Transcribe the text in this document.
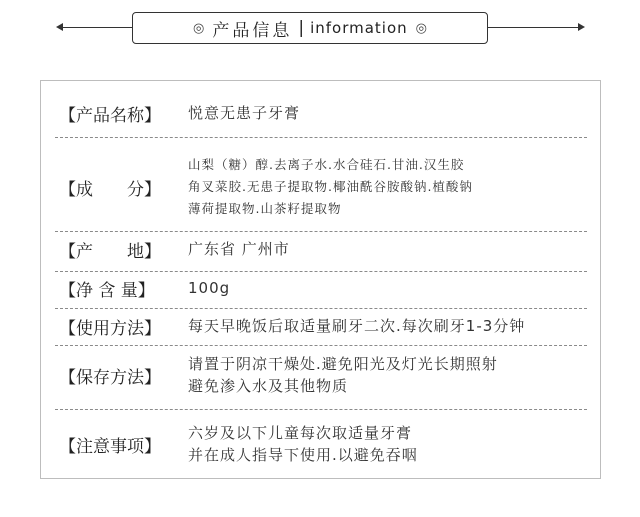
◎ 产品信息 | information ◎
【产品名称】 悦意无患子牙膏
【成　　分】
山梨（糖）醇.去离子水.水合硅石.甘油.汉生胶
角叉菜胶.无患子提取物.椰油酰谷胺酸钠.植酸钠
薄荷提取物.山茶籽提取物
【产　　地】 广东省 广州市
【净 含 量】 100g
【使用方法】 每天早晚饭后取适量刷牙二次.每次刷牙1-3分钟
【保存方法】
请置于阴凉干燥处.避免阳光及灯光长期照射
避免渗入水及其他物质
【注意事项】
六岁及以下儿童每次取适量牙膏
并在成人指导下使用.以避免吞咽
